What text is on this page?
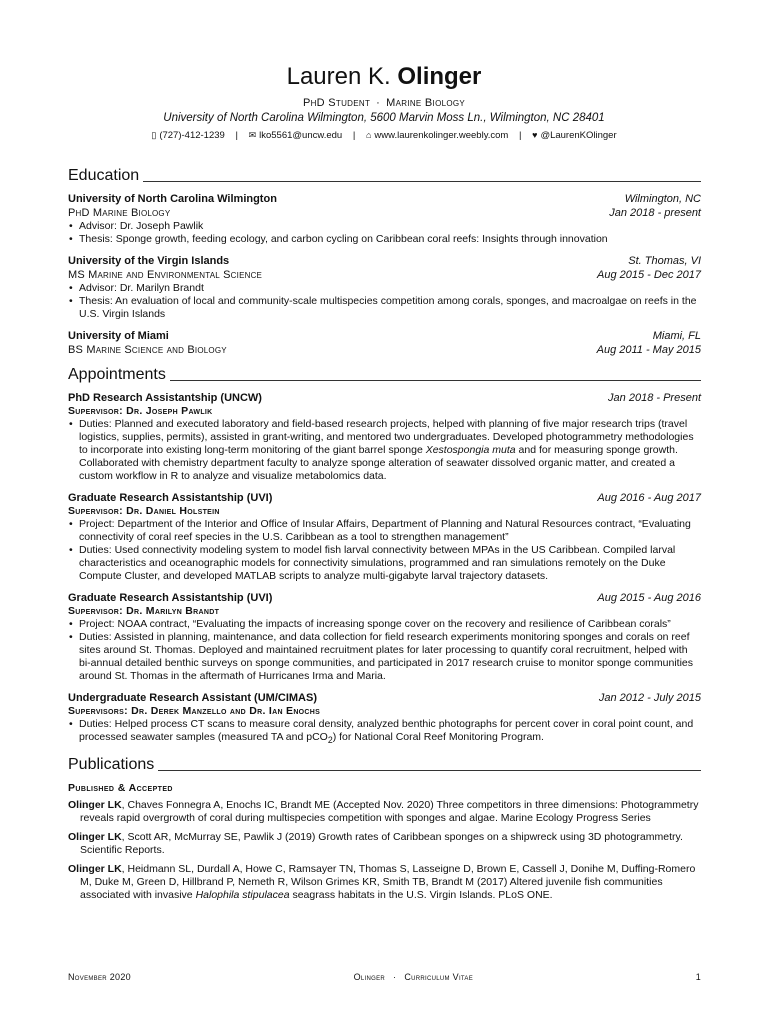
Lauren K. Olinger
PhD Student · Marine Biology
University of North Carolina Wilmington, 5600 Marvin Moss Ln., Wilmington, NC 28401
▯ (727)-412-1239 | ✉ lko5561@uncw.edu | ⌂ www.laurenkolinger.weebly.com | ♥ @LaurenKOlinger
Education
University of North Carolina Wilmington	Wilmington, NC
PhD Marine Biology	Jan 2018 - present
• Advisor: Dr. Joseph Pawlik
• Thesis: Sponge growth, feeding ecology, and carbon cycling on Caribbean coral reefs: Insights through innovation
University of the Virgin Islands	St. Thomas, VI
MS Marine and Environmental Science	Aug 2015 - Dec 2017
• Advisor: Dr. Marilyn Brandt
• Thesis: An evaluation of local and community-scale multispecies competition among corals, sponges, and macroalgae on reefs in the U.S. Virgin Islands
University of Miami	Miami, FL
BS Marine Science and Biology	Aug 2011 - May 2015
Appointments
PhD Research Assistantship (UNCW)	Jan 2018 - Present
Supervisor: Dr. Joseph Pawlik
• Duties: Planned and executed laboratory and field-based research projects, helped with planning of five major research trips (travel logistics, supplies, permits), assisted in grant-writing, and mentored two undergraduates. Developed photogrammetry methodologies to incorporate into existing long-term monitoring of the giant barrel sponge Xestospongia muta and for measuring sponge growth. Collaborated with chemistry department faculty to analyze sponge alteration of seawater dissolved organic matter, and created a custom workflow in R to analyze and visualize metabolomics data.
Graduate Research Assistantship (UVI)	Aug 2016 - Aug 2017
Supervisor: Dr. Daniel Holstein
• Project: Department of the Interior and Office of Insular Affairs, Department of Planning and Natural Resources contract, “Evaluating connectivity of coral reef species in the U.S. Caribbean as a tool to strengthen management”
• Duties: Used connectivity modeling system to model fish larval connectivity between MPAs in the US Caribbean. Compiled larval characteristics and oceanographic models for connectivity simulations, programmed and ran simulations remotely on the Duke Compute Cluster, and developed MATLAB scripts to analyze multi-gigabyte larval trajectory datasets.
Graduate Research Assistantship (UVI)	Aug 2015 - Aug 2016
Supervisor: Dr. Marilyn Brandt
• Project: NOAA contract, “Evaluating the impacts of increasing sponge cover on the recovery and resilience of Caribbean corals”
• Duties: Assisted in planning, maintenance, and data collection for field research experiments monitoring sponges and corals on reef sites around St. Thomas. Deployed and maintained recruitment plates for later processing to quantify coral recruitment, helped with bi-annual detailed benthic surveys on sponge communities, and participated in 2017 research cruise to monitor sponge communities around St. Thomas in the aftermath of Hurricanes Irma and Maria.
Undergraduate Research Assistant (UM/CIMAS)	Jan 2012 - July 2015
Supervisors: Dr. Derek Manzello and Dr. Ian Enochs
• Duties: Helped process CT scans to measure coral density, analyzed benthic photographs for percent cover in coral point count, and processed seawater samples (measured TA and pCO$_2$) for National Coral Reef Monitoring Program.
Publications
Published & Accepted
Olinger LK, Chaves Fonnegra A, Enochs IC, Brandt ME (Accepted Nov. 2020) Three competitors in three dimensions: Photogrammetry reveals rapid overgrowth of coral during multispecies competition with sponges and algae. Marine Ecology Progress Series
Olinger LK, Scott AR, McMurray SE, Pawlik J (2019) Growth rates of Caribbean sponges on a shipwreck using 3D photogrammetry. Scientific Reports.
Olinger LK, Heidmann SL, Durdall A, Howe C, Ramsayer TN, Thomas S, Lasseigne D, Brown E, Cassell J, Donihe M, Duffing-Romero M, Duke M, Green D, Hillbrand P, Nemeth R, Wilson Grimes KR, Smith TB, Brandt M (2017) Altered juvenile fish communities associated with invasive Halophila stipulacea seagrass habitats in the U.S. Virgin Islands. PLoS ONE.
November 2020	Olinger · Curriculum Vitae	1
